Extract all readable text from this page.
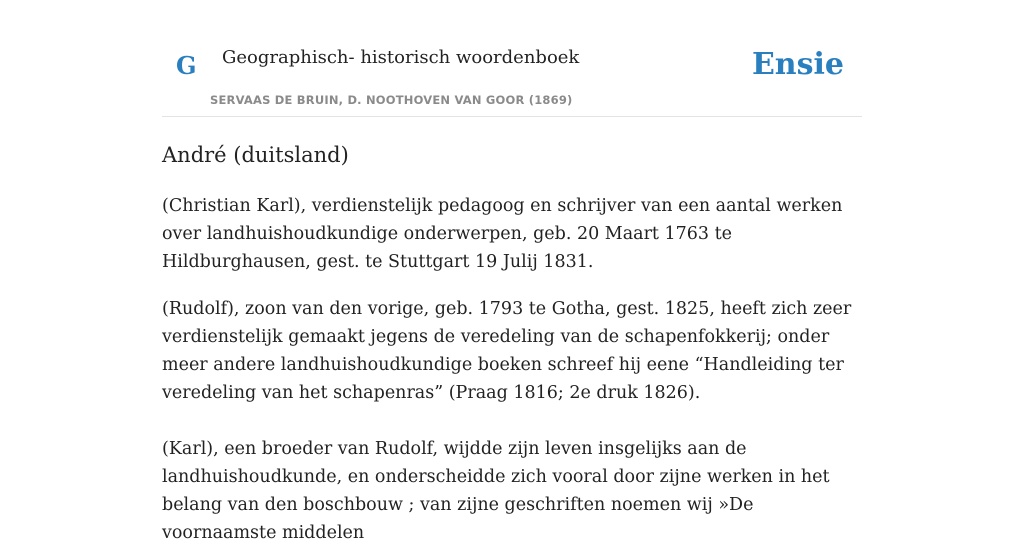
G Geographisch- historisch woordenboek
SERVAAS DE BRUIN, D. NOOTHOVEN VAN GOOR (1869)
Ensie
André (duitsland)

(Christian Karl), verdienstelijk pedagoog en schrijver van een aantal werken over landhuishoudkundige onderwerpen, geb. 20 Maart 1763 te Hildburghausen, gest. te Stuttgart 19 Julij 1831.

(Rudolf), zoon van den vorige, geb. 1793 te Gotha, gest. 1825, heeft zich zeer verdienstelijk gemaakt jegens de veredeling van de schapenfokkerij; onder meer andere landhuishoudkundige boeken schreef hij eene “Handleiding ter veredeling van het schapenras” (Praag 1816; 2e druk 1826).

(Karl), een broeder van Rudolf, wijdde zijn leven insgelijks aan de landhuishoudkunde, en onderscheidde zich vooral door zijne werken in het belang van den boschbouw ; van zijne geschriften noemen wij »De voornaamste middelen
